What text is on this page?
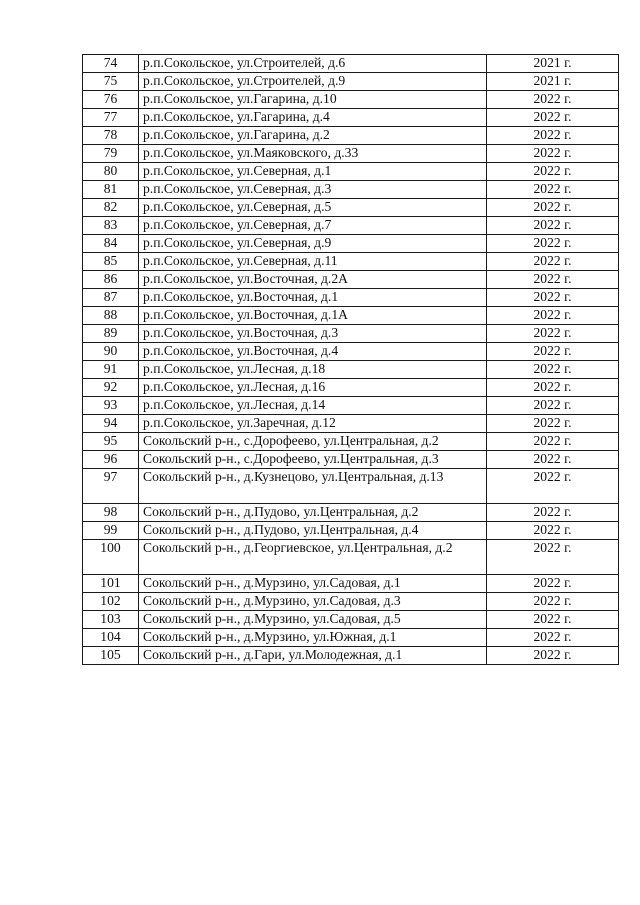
74	р.п.Сокольское, ул.Строителей, д.6	2021 г.
75	р.п.Сокольское, ул.Строителей, д.9	2021 г.
76	р.п.Сокольское, ул.Гагарина, д.10	2022 г.
77	р.п.Сокольское, ул.Гагарина, д.4	2022 г.
78	р.п.Сокольское, ул.Гагарина, д.2	2022 г.
79	р.п.Сокольское, ул.Маяковского, д.33	2022 г.
80	р.п.Сокольское, ул.Северная, д.1	2022 г.
81	р.п.Сокольское, ул.Северная, д.3	2022 г.
82	р.п.Сокольское, ул.Северная, д.5	2022 г.
83	р.п.Сокольское, ул.Северная, д.7	2022 г.
84	р.п.Сокольское, ул.Северная, д.9	2022 г.
85	р.п.Сокольское, ул.Северная, д.11	2022 г.
86	р.п.Сокольское, ул.Восточная, д.2А	2022 г.
87	р.п.Сокольское, ул.Восточная, д.1	2022 г.
88	р.п.Сокольское, ул.Восточная, д.1А	2022 г.
89	р.п.Сокольское, ул.Восточная, д.3	2022 г.
90	р.п.Сокольское, ул.Восточная, д.4	2022 г.
91	р.п.Сокольское, ул.Лесная, д.18	2022 г.
92	р.п.Сокольское, ул.Лесная, д.16	2022 г.
93	р.п.Сокольское, ул.Лесная, д.14	2022 г.
94	р.п.Сокольское, ул.Заречная, д.12	2022 г.
95	Сокольский р-н., с.Дорофеево, ул.Центральная, д.2	2022 г.
96	Сокольский р-н., с.Дорофеево, ул.Центральная, д.3	2022 г.
97	Сокольский р-н., д.Кузнецово, ул.Центральная, д.13	2022 г.
98	Сокольский р-н., д.Пудово, ул.Центральная, д.2	2022 г.
99	Сокольский р-н., д.Пудово, ул.Центральная, д.4	2022 г.
100	Сокольский р-н., д.Георгиевское, ул.Центральная, д.2	2022 г.
101	Сокольский р-н., д.Мурзино, ул.Садовая, д.1	2022 г.
102	Сокольский р-н., д.Мурзино, ул.Садовая, д.3	2022 г.
103	Сокольский р-н., д.Мурзино, ул.Садовая, д.5	2022 г.
104	Сокольский р-н., д.Мурзино, ул.Южная, д.1	2022 г.
105	Сокольский р-н., д.Гари, ул.Молодежная, д.1	2022 г.
